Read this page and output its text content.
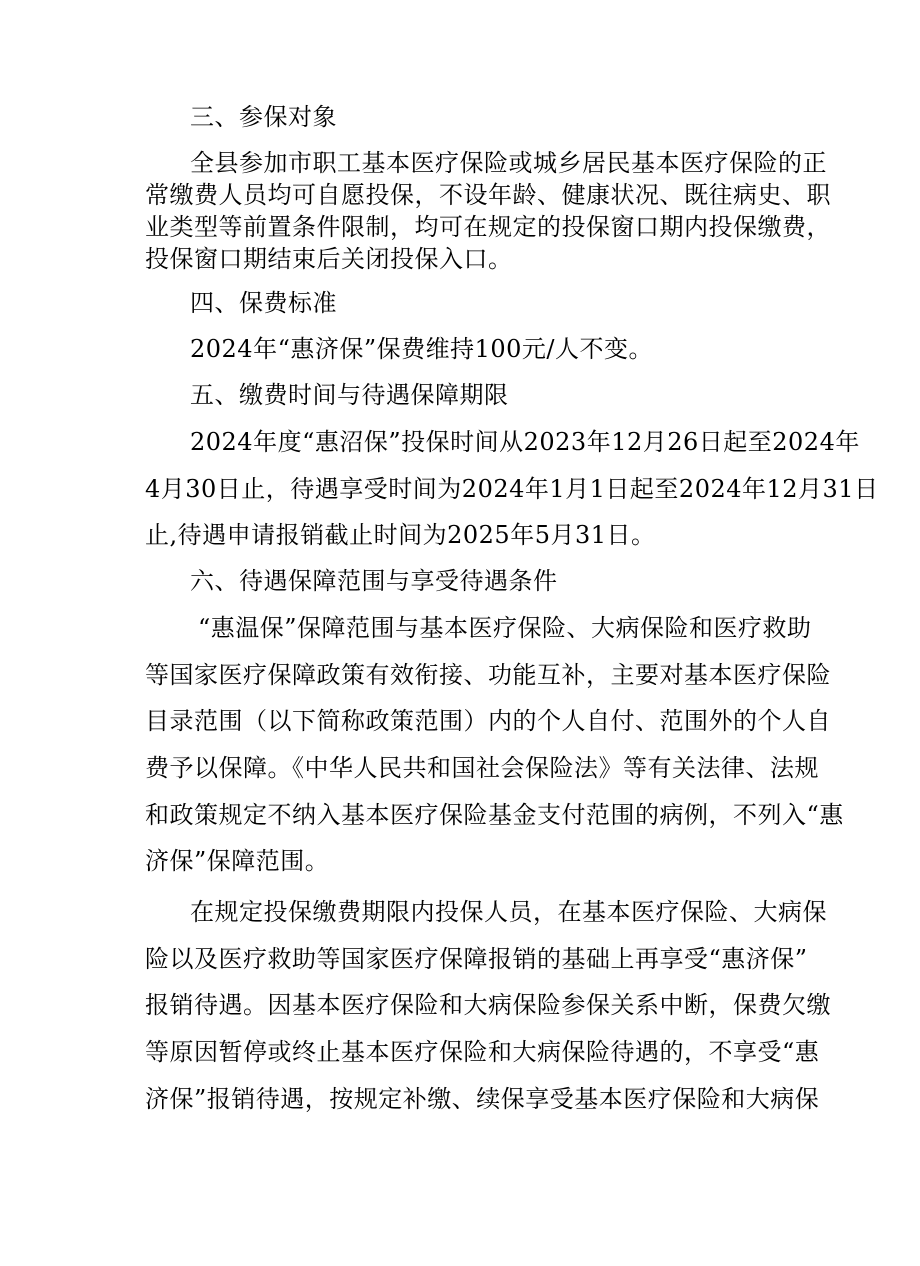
三、参保对象
全县参加市职工基本医疗保险或城乡居民基本医疗保险的正
常缴费人员均可自愿投保，不设年龄、健康状况、既往病史、职
业类型等前置条件限制，均可在规定的投保窗口期内投保缴费，
投保窗口期结束后关闭投保入口。
四、保费标准
2024年“惠济保”保费维持100元/人不变。
五、缴费时间与待遇保障期限
2024年度“惠沼保”投保时间从2023年12月26日起至2024年
4月30日止，待遇享受时间为2024年1月1日起至2024年12月31日
止,待遇申请报销截止时间为2025年5月31日。
六、待遇保障范围与享受待遇条件
“惠温保”保障范围与基本医疗保险、大病保险和医疗救助
等国家医疗保障政策有效衔接、功能互补，主要对基本医疗保险
目录范围（以下简称政策范围）内的个人自付、范围外的个人自
费予以保障。《中华人民共和国社会保险法》等有关法律、法规
和政策规定不纳入基本医疗保险基金支付范围的病例，不列入“惠
济保”保障范围。
在规定投保缴费期限内投保人员，在基本医疗保险、大病保
险以及医疗救助等国家医疗保障报销的基础上再享受“惠济保”
报销待遇。因基本医疗保险和大病保险参保关系中断，保费欠缴
等原因暂停或终止基本医疗保险和大病保险待遇的，不享受“惠
济保”报销待遇，按规定补缴、续保享受基本医疗保险和大病保
